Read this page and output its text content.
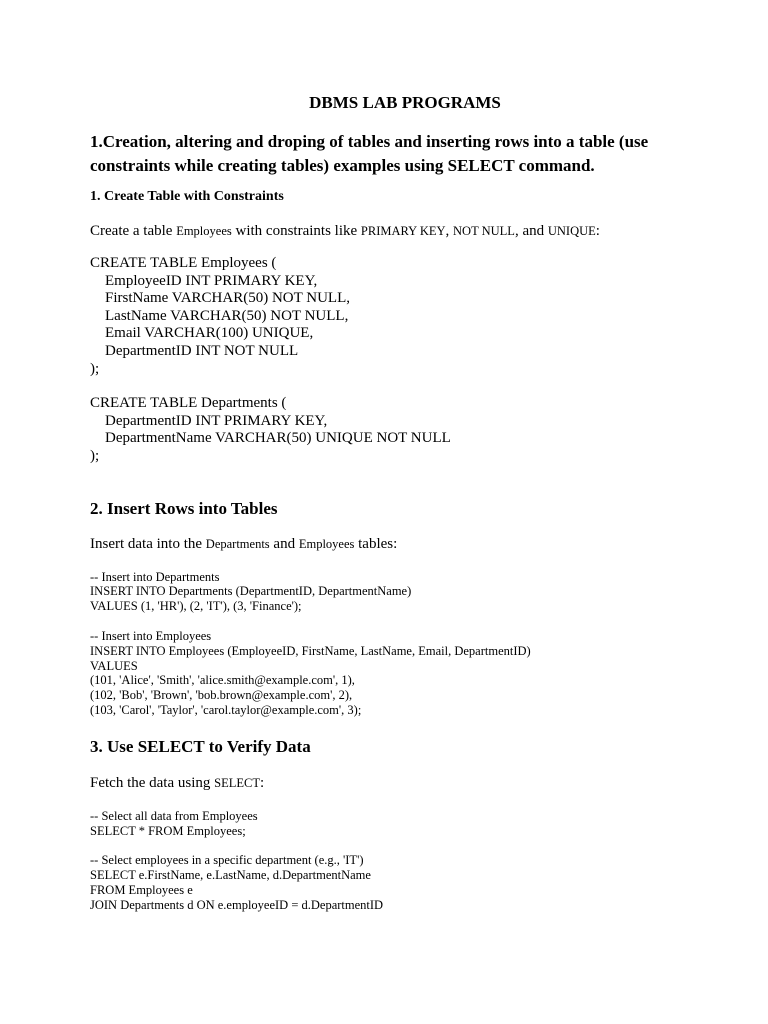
DBMS LAB PROGRAMS
1.Creation, altering and droping of tables and inserting rows into a table (use constraints while creating tables) examples using SELECT command.
1. Create Table with Constraints

Create a table Employees with constraints like PRIMARY KEY, NOT NULL, and UNIQUE:

CREATE TABLE Employees (
EmployeeID INT PRIMARY KEY,
FirstName VARCHAR(50) NOT NULL,
LastName VARCHAR(50) NOT NULL,
Email VARCHAR(100) UNIQUE,
DepartmentID INT NOT NULL
);
CREATE TABLE Departments (
DepartmentID INT PRIMARY KEY,
DepartmentName VARCHAR(50) UNIQUE NOT NULL
);
2. Insert Rows into Tables

Insert data into the Departments and Employees tables:

-- Insert into Departments
INSERT INTO Departments (DepartmentID, DepartmentName)
VALUES (1, 'HR'), (2, 'IT'), (3, 'Finance');
-- Insert into Employees
INSERT INTO Employees (EmployeeID, FirstName, LastName, Email, DepartmentID)
VALUES
(101, 'Alice', 'Smith', 'alice.smith@example.com', 1),
(102, 'Bob', 'Brown', 'bob.brown@example.com', 2),
(103, 'Carol', 'Taylor', 'carol.taylor@example.com', 3);
3. Use SELECT to Verify Data

Fetch the data using SELECT:

-- Select all data from Employees
SELECT * FROM Employees;
-- Select employees in a specific department (e.g., 'IT')
SELECT e.FirstName, e.LastName, d.DepartmentName
FROM Employees e
JOIN Departments d ON e.employeeID = d.DepartmentID
